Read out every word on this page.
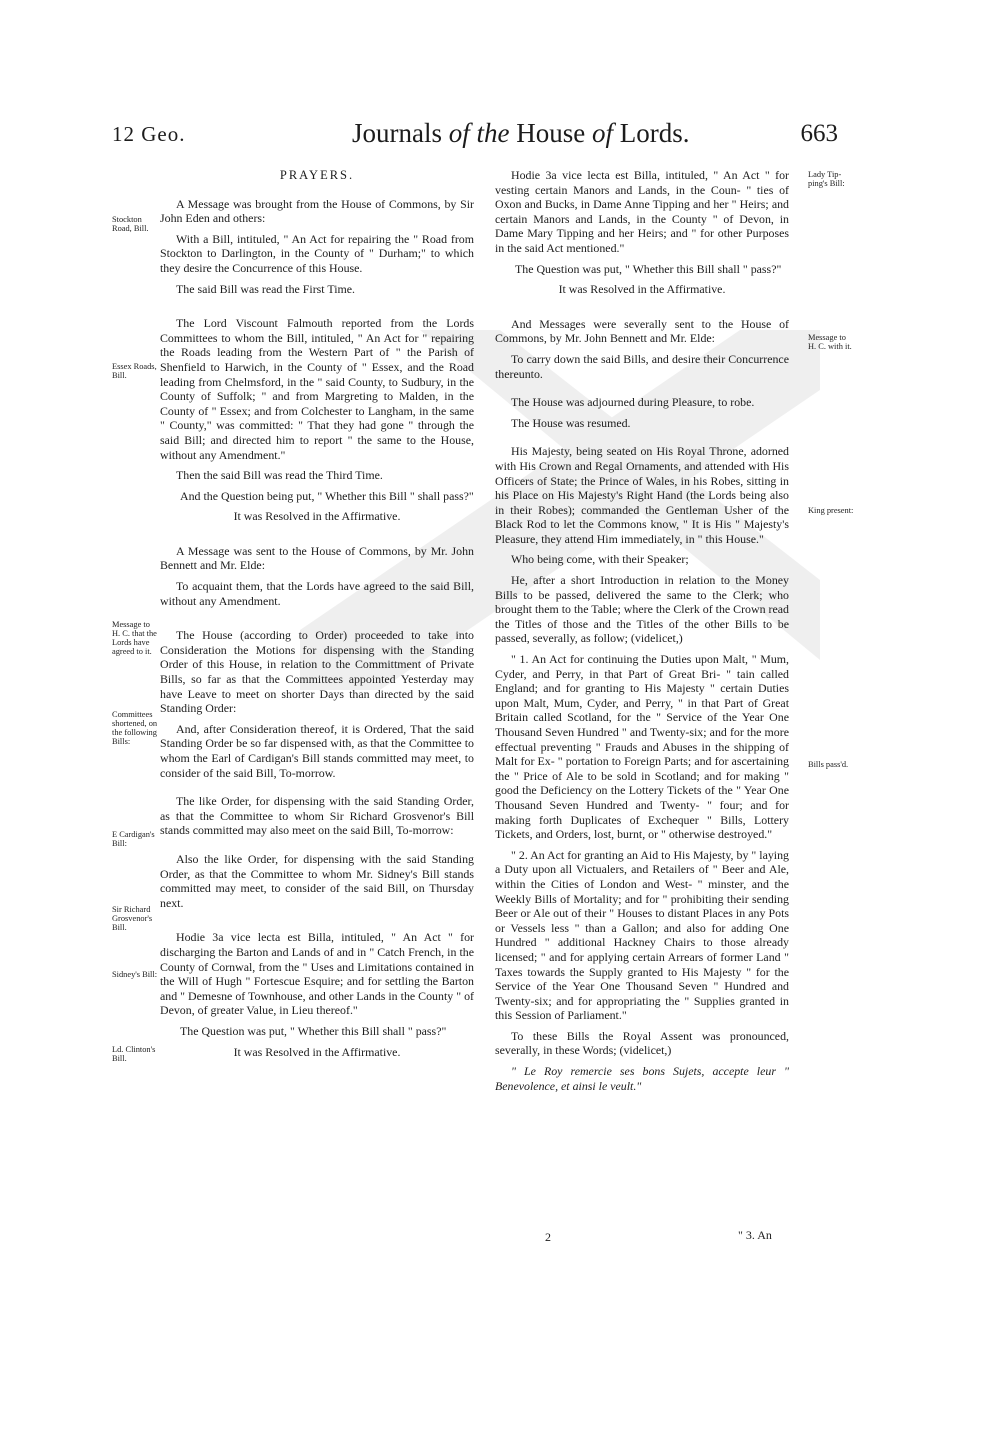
12 Geo.	Journals of the House of Lords.	663
PRAYERS.

A Message was brought from the House of Commons, by Sir John Eden and others:

With a Bill, intituled, " An Act for repairing the " Road from Stockton to Darlington, in the County of " Durham;" to which they desire the Concurrence of this House.

The said Bill was read the First Time.

The Lord Viscount Falmouth reported from the Lords Committees to whom the Bill, intituled, " An Act for " repairing the Roads leading from the Western Part of " the Parish of Shenfield to Harwich, in the County of " Essex, and the Road leading from Chelmsford, in the " said County, to Sudbury, in the County of Suffolk; " and from Margreting to Malden, in the County of " Essex; and from Colchester to Langham, in the same " County," was committed: " That they had gone " through the said Bill; and directed him to report " the same to the House, without any Amendment."

Then the said Bill was read the Third Time.

And the Question being put, " Whether this Bill " shall pass?"

It was Resolved in the Affirmative.

A Message was sent to the House of Commons, by Mr. John Bennett and Mr. Elde:

To acquaint them, that the Lords have agreed to the said Bill, without any Amendment.

The House (according to Order) proceeded to take into Consideration the Motions for dispensing with the Standing Order of this House, in relation to the Committment of Private Bills, so far as that the Committees appointed Yesterday may have Leave to meet on shorter Days than directed by the said Standing Order:

And, after Consideration thereof, it is Ordered, That the said Standing Order be so far dispensed with, as that the Committee to whom the Earl of Cardigan's Bill stands committed may meet, to consider of the said Bill, To-morrow.

The like Order, for dispensing with the said Standing Order, as that the Committee to whom Sir Richard Grosvenor's Bill stands committed may also meet on the said Bill, To-morrow:

Also the like Order, for dispensing with the said Standing Order, as that the Committee to whom Mr. Sidney's Bill stands committed may meet, to consider of the said Bill, on Thursday next.

Hodie 3a vice lecta est Billa, intituled, " An Act " for discharging the Barton and Lands of and in " Catch French, in the County of Cornwal, from the " Uses and Limitations contained in the Will of Hugh " Fortescue Esquire; and for settling the Barton and " Demesne of Townhouse, and other Lands in the County " of Devon, of greater Value, in Lieu thereof."

The Question was put, " Whether this Bill shall " pass?"

It was Resolved in the Affirmative.

Hodie 3a vice lecta est Billa, intituled, " An Act " for vesting certain Manors and Lands, in the Coun- " ties of Oxon and Bucks, in Dame Anne Tipping and her " Heirs; and certain Manors and Lands, in the County " of Devon, in Dame Mary Tipping and her Heirs; and " for other Purposes in the said Act mentioned."

The Question was put, " Whether this Bill shall " pass?"

It was Resolved in the Affirmative.

And Messages were severally sent to the House of Commons, by Mr. John Bennett and Mr. Elde:

To carry down the said Bills, and desire their Concurrence thereunto.

The House was adjourned during Pleasure, to robe.

The House was resumed.

His Majesty, being seated on His Royal Throne, adorned with His Crown and Regal Ornaments, and attended with His Officers of State; the Prince of Wales, in his Robes, sitting in his Place on His Majesty's Right Hand (the Lords being also in their Robes); commanded the Gentleman Usher of the Black Rod to let the Commons know, " It is His " Majesty's Pleasure, they attend Him immediately, in " this House."

Who being come, with their Speaker;

He, after a short Introduction in relation to the Money Bills to be passed, delivered the same to the Clerk; who brought them to the Table; where the Clerk of the Crown read the Titles of those and the Titles of the other Bills to be passed, severally, as follow; (videlicet,)

" 1. An Act for continuing the Duties upon Malt, " Mum, Cyder, and Perry, in that Part of Great Bri- " tain called England; and for granting to His Majesty " certain Duties upon Malt, Mum, Cyder, and Perry, " in that Part of Great Britain called Scotland, for the " Service of the Year One Thousand Seven Hundred " and Twenty-six; and for the more effectual preventing " Frauds and Abuses in the shipping of Malt for Ex- " portation to Foreign Parts; and for ascertaining the " Price of Ale to be sold in Scotland; and for making " good the Deficiency on the Lottery Tickets of the " Year One Thousand Seven Hundred and Twenty- " four; and for making forth Duplicates of Exchequer " Bills, Lottery Tickets, and Orders, lost, burnt, or " otherwise destroyed."

" 2. An Act for granting an Aid to His Majesty, by " laying a Duty upon all Victualers, and Retailers of " Beer and Ale, within the Cities of London and West- " minster, and the Weekly Bills of Mortality; and for " prohibiting their sending Beer or Ale out of their " Houses to distant Places in any Pots or Vessels less " than a Gallon; and also for adding One Hundred " additional Hackney Chairs to those already licensed; " and for applying certain Arrears of former Land " Taxes towards the Supply granted to His Majesty " for the Service of the Year One Thousand Seven " Hundred and Twenty-six; and for appropriating the " Supplies granted in this Session of Parliament."

To these Bills the Royal Assent was pronounced, severally, in these Words; (videlicet,)

" Le Roy remercie ses bons Sujets, accepte leur " Benevolence, et ainsi le veult."

Stockton
Road, Bill.
Essex Roads,
Bill.
Message to
H. C. that the
Lords have
agreed to it.
Committees
shortened, on
the following
Bills:
E Cardigan's
Bill:
Sir Richard
Grosvenor's
Bill.
Sidney's Bill:
Ld. Clinton's
Bill.
Lady Tip-
ping's Bill:
Message to
H. C. with it.
King present:
Bills pass'd.
2	" 3. An
